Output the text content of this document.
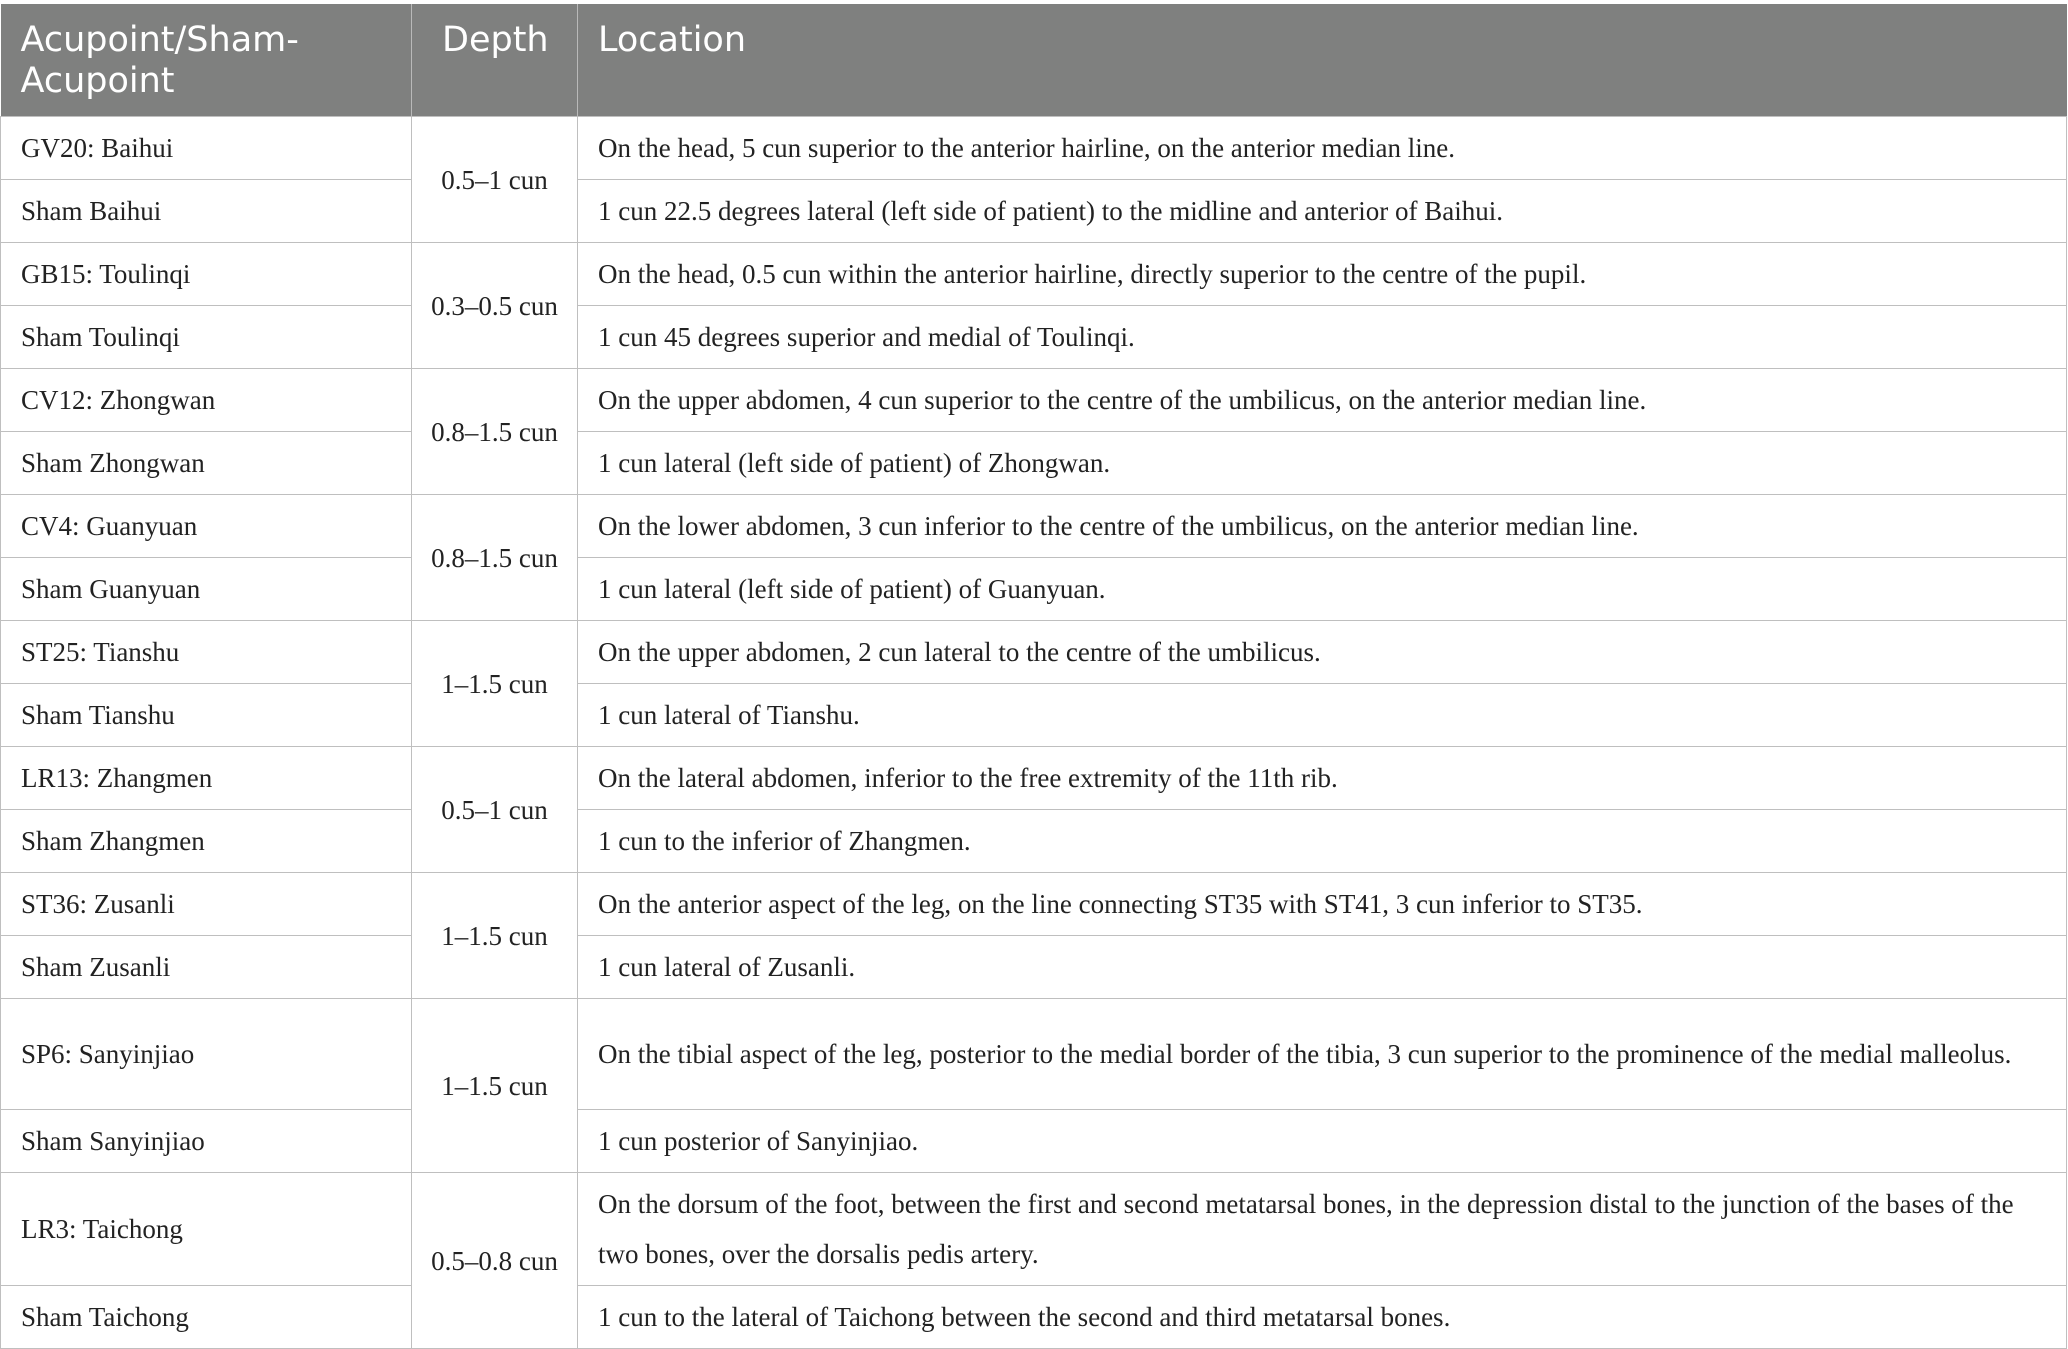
Acupoint/Sham-Acupoint	Depth	Location
GV20: Baihui	0.5–1 cun	On the head, 5 cun superior to the anterior hairline, on the anterior median line.
Sham Baihui		1 cun 22.5 degrees lateral (left side of patient) to the midline and anterior of Baihui.
GB15: Toulinqi	0.3–0.5 cun	On the head, 0.5 cun within the anterior hairline, directly superior to the centre of the pupil.
Sham Toulinqi		1 cun 45 degrees superior and medial of Toulinqi.
CV12: Zhongwan	0.8–1.5 cun	On the upper abdomen, 4 cun superior to the centre of the umbilicus, on the anterior median line.
Sham Zhongwan		1 cun lateral (left side of patient) of Zhongwan.
CV4: Guanyuan	0.8–1.5 cun	On the lower abdomen, 3 cun inferior to the centre of the umbilicus, on the anterior median line.
Sham Guanyuan		1 cun lateral (left side of patient) of Guanyuan.
ST25: Tianshu	1–1.5 cun	On the upper abdomen, 2 cun lateral to the centre of the umbilicus.
Sham Tianshu		1 cun lateral of Tianshu.
LR13: Zhangmen	0.5–1 cun	On the lateral abdomen, inferior to the free extremity of the 11th rib.
Sham Zhangmen		1 cun to the inferior of Zhangmen.
ST36: Zusanli	1–1.5 cun	On the anterior aspect of the leg, on the line connecting ST35 with ST41, 3 cun inferior to ST35.
Sham Zusanli		1 cun lateral of Zusanli.
SP6: Sanyinjiao	1–1.5 cun	On the tibial aspect of the leg, posterior to the medial border of the tibia, 3 cun superior to the prominence of the medial malleolus.
Sham Sanyinjiao		1 cun posterior of Sanyinjiao.
LR3: Taichong	0.5–0.8 cun	On the dorsum of the foot, between the first and second metatarsal bones, in the depression distal to the junction of the bases of the two bones, over the dorsalis pedis artery.
Sham Taichong		1 cun to the lateral of Taichong between the second and third metatarsal bones.
